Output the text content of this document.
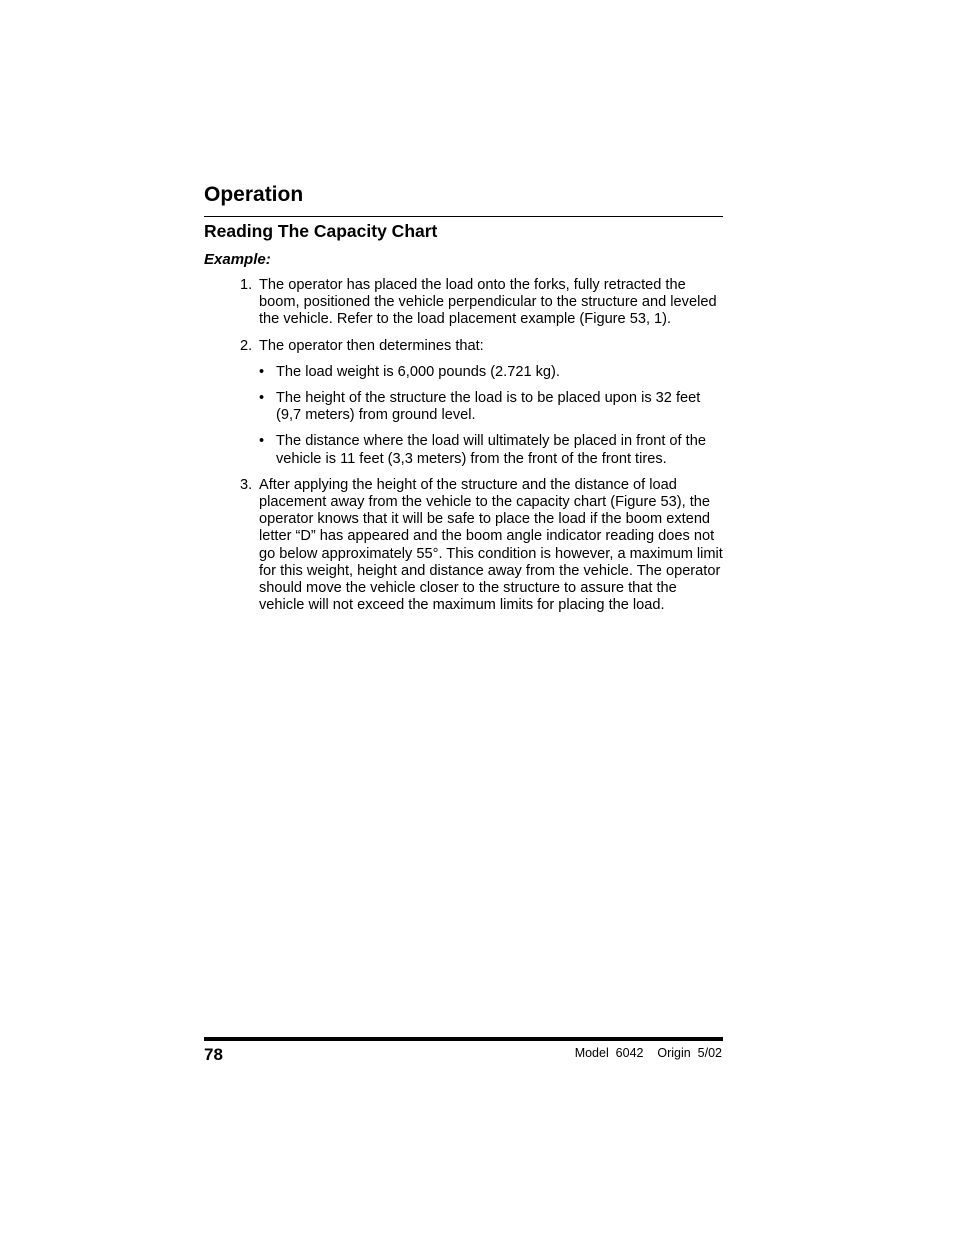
Operation
Reading The Capacity Chart
Example:
1. The operator has placed the load onto the forks, fully retracted the boom, positioned the vehicle perpendicular to the structure and leveled the vehicle. Refer to the load placement example (Figure 53, 1).
2. The operator then determines that:
• The load weight is 6,000 pounds (2.721 kg).
• The height of the structure the load is to be placed upon is 32 feet (9,7 meters) from ground level.
• The distance where the load will ultimately be placed in front of the vehicle is 11 feet (3,3 meters) from the front of the front tires.
3. After applying the height of the structure and the distance of load placement away from the vehicle to the capacity chart (Figure 53), the operator knows that it will be safe to place the load if the boom extend letter “D” has appeared and the boom angle indicator reading does not go below approximately 55°. This condition is however, a maximum limit for this weight, height and distance away from the vehicle. The operator should move the vehicle closer to the structure to assure that the vehicle will not exceed the maximum limits for placing the load.
78	Model  6042    Origin  5/02
